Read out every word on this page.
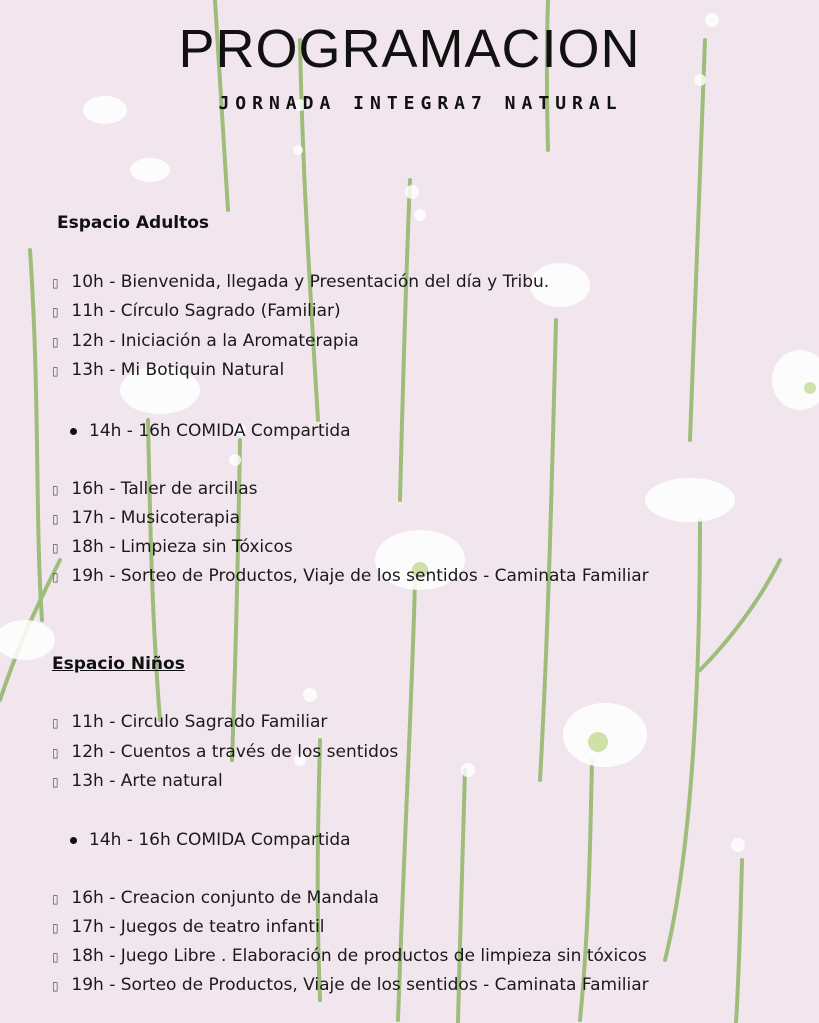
PROGRAMACION
JORNADA INTEGRA7 NATURAL
Espacio Adultos
▯ 10h - Bienvenida, llegada y Presentación del día y Tribu.
▯ 11h - Círculo Sagrado (Familiar)
▯ 12h - Iniciación a la Aromaterapia
▯ 13h - Mi Botiquin Natural
14h - 16h COMIDA Compartida
▯ 16h - Taller de arcillas
▯ 17h - Musicoterapia
▯ 18h - Limpieza sin Tóxicos
▯ 19h - Sorteo de Productos, Viaje de los sentidos - Caminata Familiar
Espacio Niños
▯ 11h - Circulo Sagrado Familiar
▯ 12h - Cuentos a través de los sentidos
▯ 13h - Arte natural
14h - 16h COMIDA Compartida
▯ 16h - Creacion conjunto de Mandala
▯ 17h - Juegos de teatro infantil
▯ 18h - Juego Libre . Elaboración de productos de limpieza sin tóxicos
▯ 19h - Sorteo de Productos, Viaje de los sentidos - Caminata Familiar
